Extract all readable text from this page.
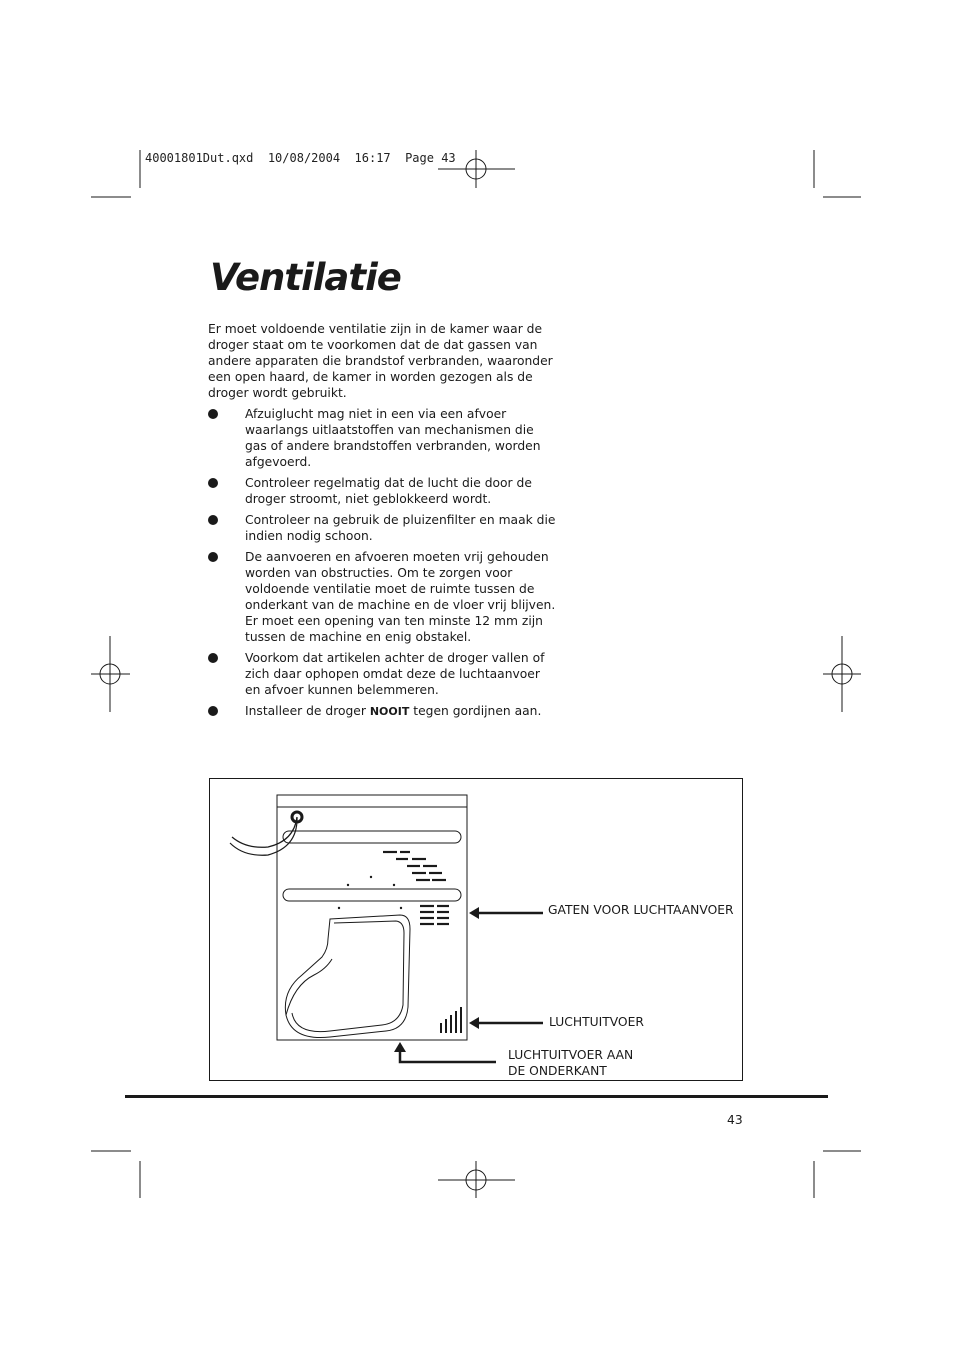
40001801Dut.qxd  10/08/2004  16:17  Page 43
Ventilatie

Er moet voldoende ventilatie zijn in de kamer waar de droger staat om te voorkomen dat de dat gassen van andere apparaten die brandstof verbranden, waaronder een open haard, de kamer in worden gezogen als de droger wordt gebruikt.

Afzuiglucht mag niet in een via een afvoer waarlangs uitlaatstoffen van mechanismen die gas of andere brandstoffen verbranden, worden afgevoerd.
Controleer regelmatig dat de lucht die door de droger stroomt, niet geblokkeerd wordt.
Controleer na gebruik de pluizenfilter en maak die indien nodig schoon.
De aanvoeren en afvoeren moeten vrij gehouden worden van obstructies. Om te zorgen voor voldoende ventilatie moet de ruimte tussen de onderkant van de machine en de vloer vrij blijven. Er moet een opening van ten minste 12 mm zijn tussen de machine en enig obstakel.
Voorkom dat artikelen achter de droger vallen of zich daar ophopen omdat deze de luchtaanvoer en afvoer kunnen belemmeren.
Installeer de droger NOOIT tegen gordijnen aan.
GATEN VOOR LUCHTAANVOER
LUCHTUITVOER
LUCHTUITVOER AAN
DE ONDERKANT
43
